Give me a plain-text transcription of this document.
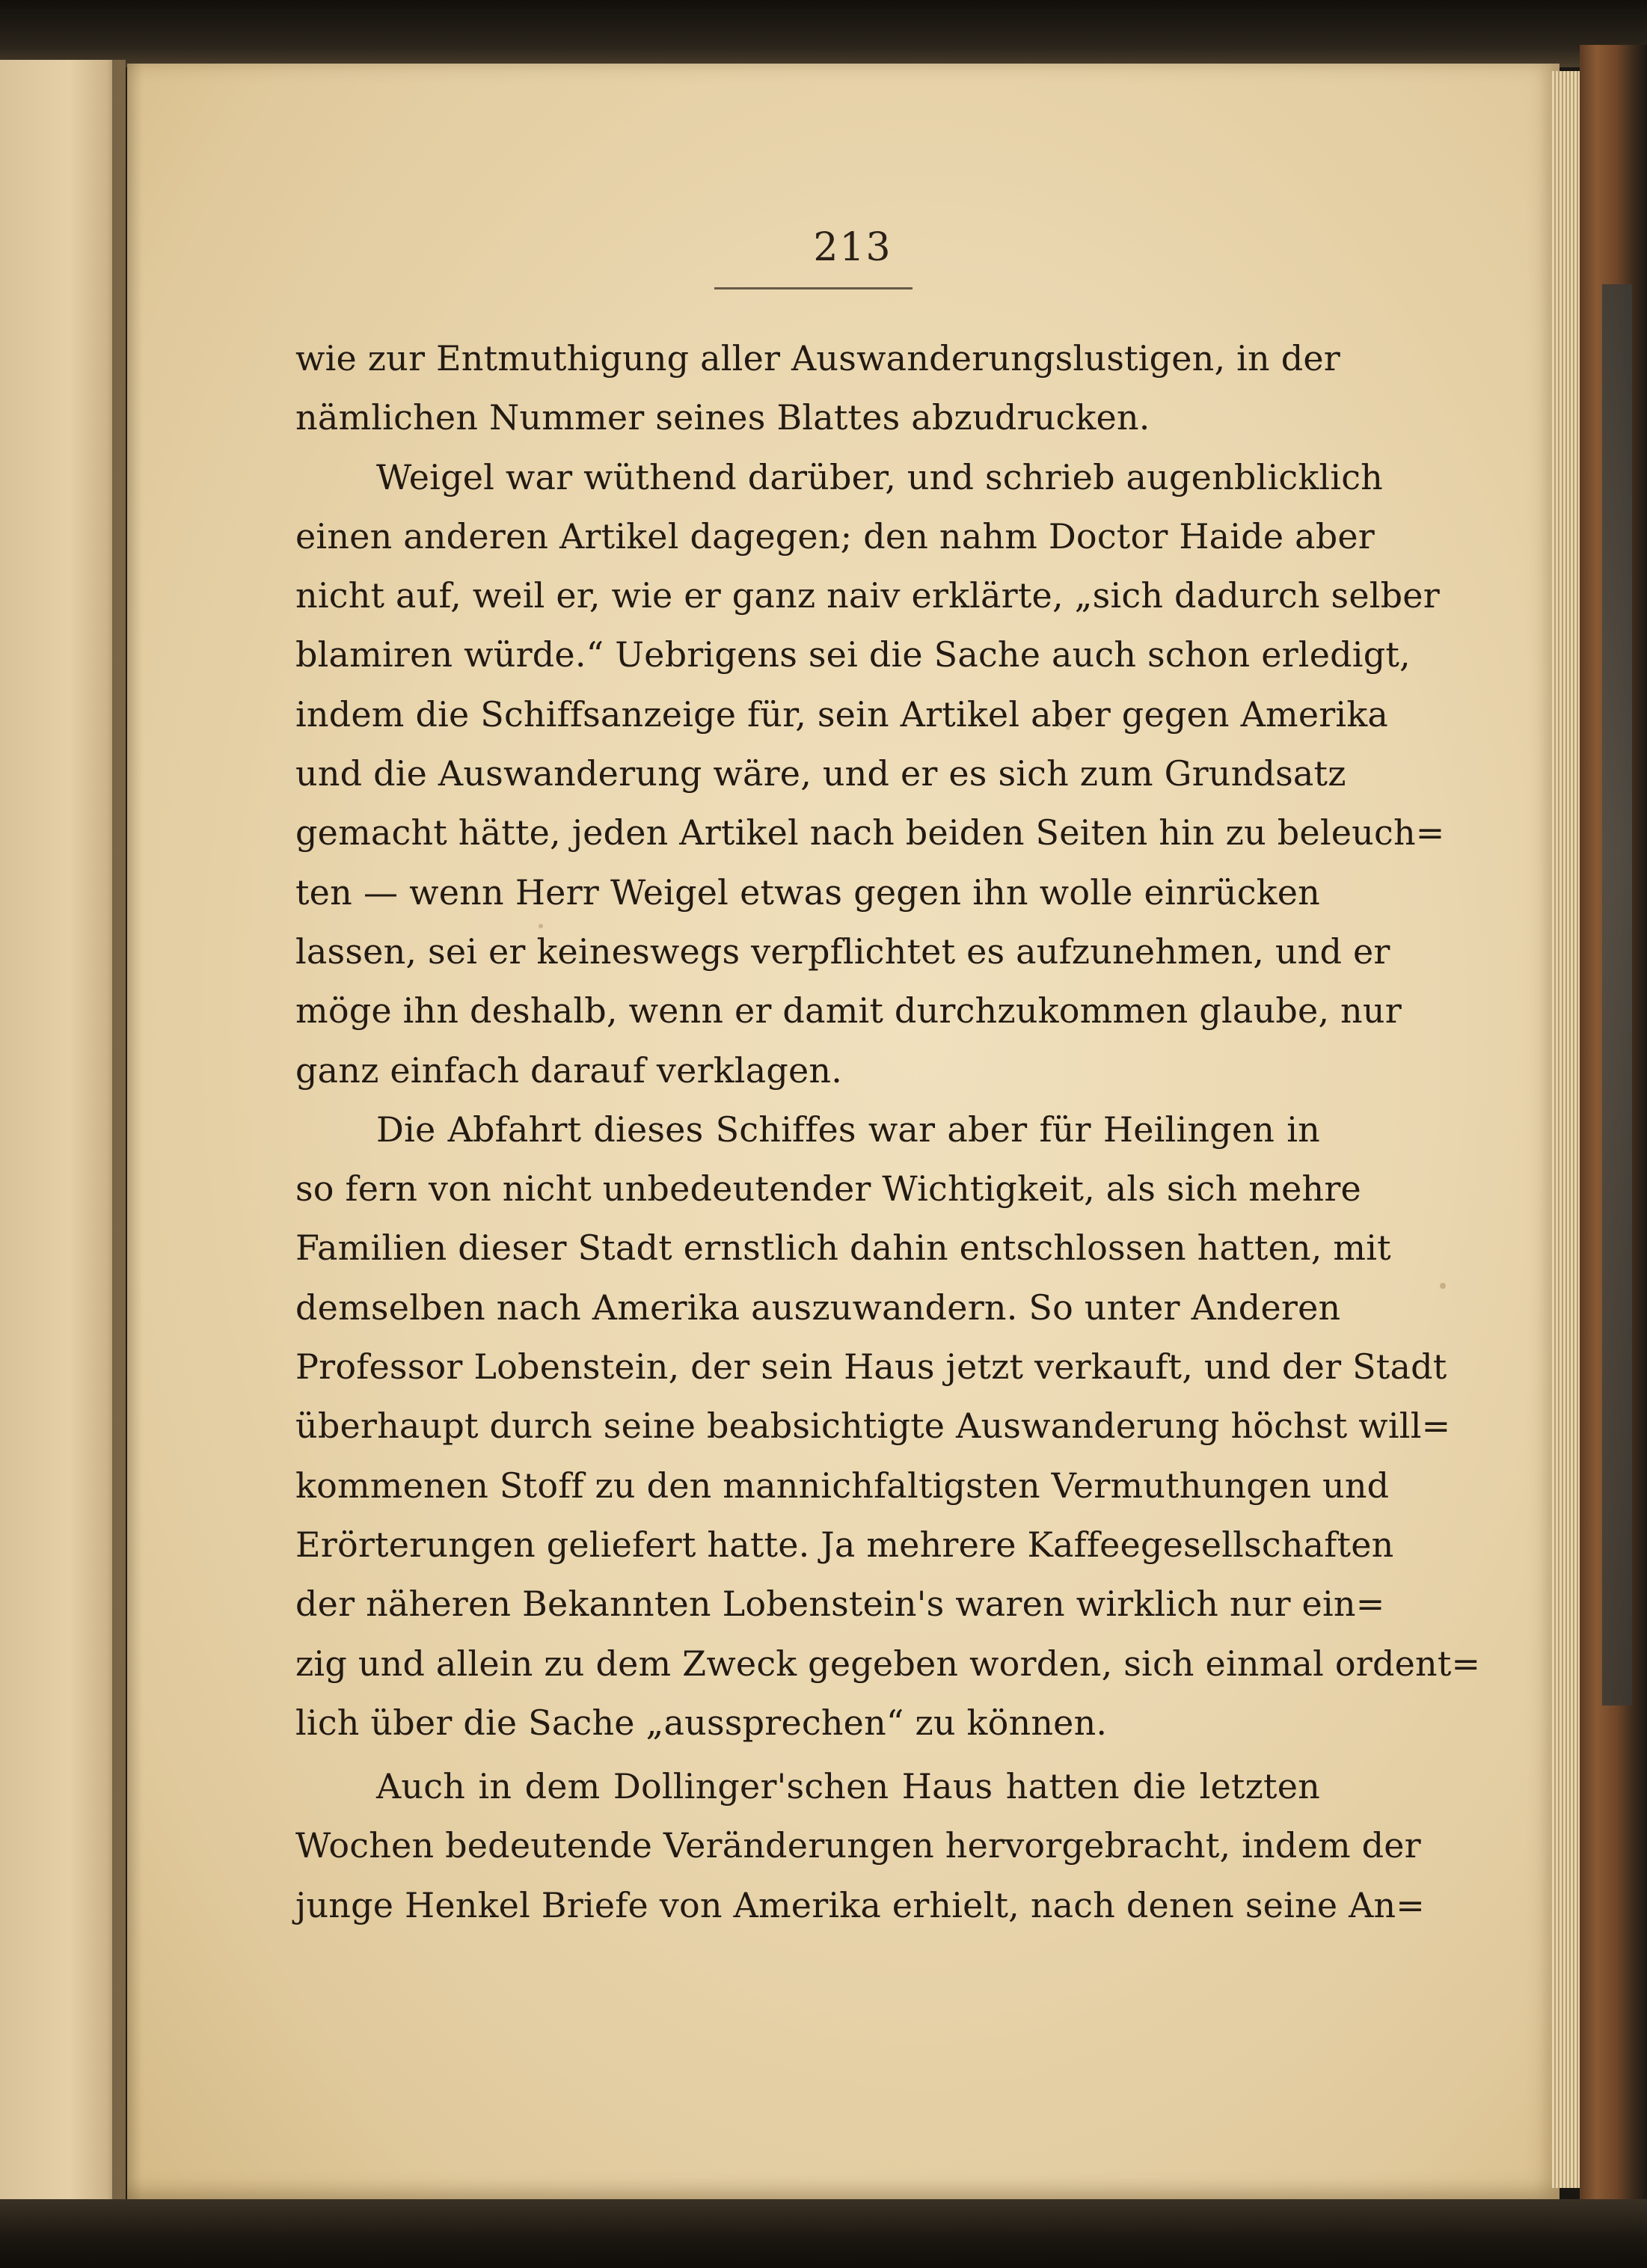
213
wie zur Entmuthigung aller Auswanderungslustigen, in der
nämlichen Nummer seines Blattes abzudrucken.
Weigel war wüthend darüber, und schrieb augenblicklich
einen anderen Artikel dagegen; den nahm Doctor Haide aber
nicht auf, weil er, wie er ganz naiv erklärte, „sich dadurch selber
blamiren würde.“ Uebrigens sei die Sache auch schon erledigt,
indem die Schiffsanzeige für, sein Artikel aber gegen Amerika
und die Auswanderung wäre, und er es sich zum Grundsatz
gemacht hätte, jeden Artikel nach beiden Seiten hin zu beleuch=
ten — wenn Herr Weigel etwas gegen ihn wolle einrücken
lassen, sei er keineswegs verpflichtet es aufzunehmen, und er
möge ihn deshalb, wenn er damit durchzukommen glaube, nur
ganz einfach darauf verklagen.
Die Abfahrt dieses Schiffes war aber für Heilingen in
so fern von nicht unbedeutender Wichtigkeit, als sich mehre
Familien dieser Stadt ernstlich dahin entschlossen hatten, mit
demselben nach Amerika auszuwandern. So unter Anderen
Professor Lobenstein, der sein Haus jetzt verkauft, und der Stadt
überhaupt durch seine beabsichtigte Auswanderung höchst will=
kommenen Stoff zu den mannichfaltigsten Vermuthungen und
Erörterungen geliefert hatte. Ja mehrere Kaffeegesellschaften
der näheren Bekannten Lobenstein's waren wirklich nur ein=
zig und allein zu dem Zweck gegeben worden, sich einmal ordent=
lich über die Sache „aussprechen“ zu können.
Auch in dem Dollinger'schen Haus hatten die letzten
Wochen bedeutende Veränderungen hervorgebracht, indem der
junge Henkel Briefe von Amerika erhielt, nach denen seine An=
